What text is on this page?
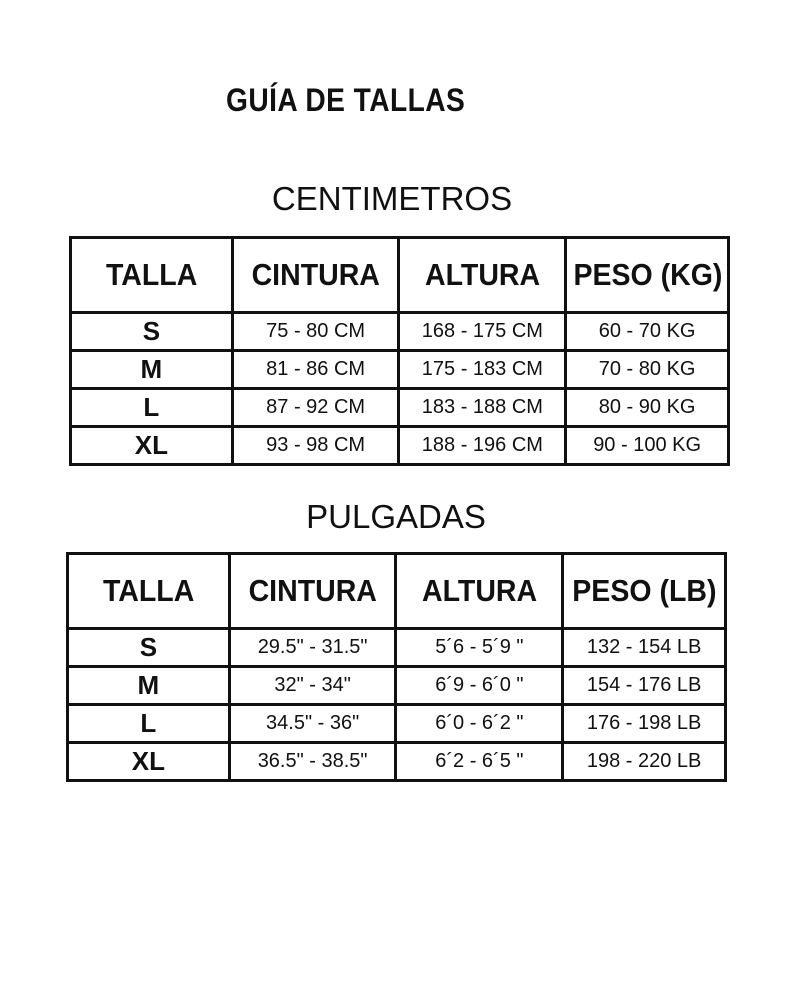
GUÍA DE TALLAS
CENTIMETROS
TALLA	CINTURA	ALTURA	PESO (KG)
S	75 - 80 CM	168 - 175 CM	60 - 70 KG
M	81 - 86 CM	175 - 183 CM	70 - 80 KG
L	87 - 92 CM	183 - 188 CM	80 - 90 KG
XL	93 - 98 CM	188 - 196 CM	90 - 100 KG
PULGADAS
TALLA	CINTURA	ALTURA	PESO (LB)
S	29.5" - 31.5"	5´6 - 5´9 "	132 - 154 LB
M	32" - 34"	6´9 - 6´0 "	154 - 176 LB
L	34.5" - 36"	6´0 - 6´2 "	176 - 198 LB
XL	36.5" - 38.5"	6´2 - 6´5 "	198 - 220 LB
